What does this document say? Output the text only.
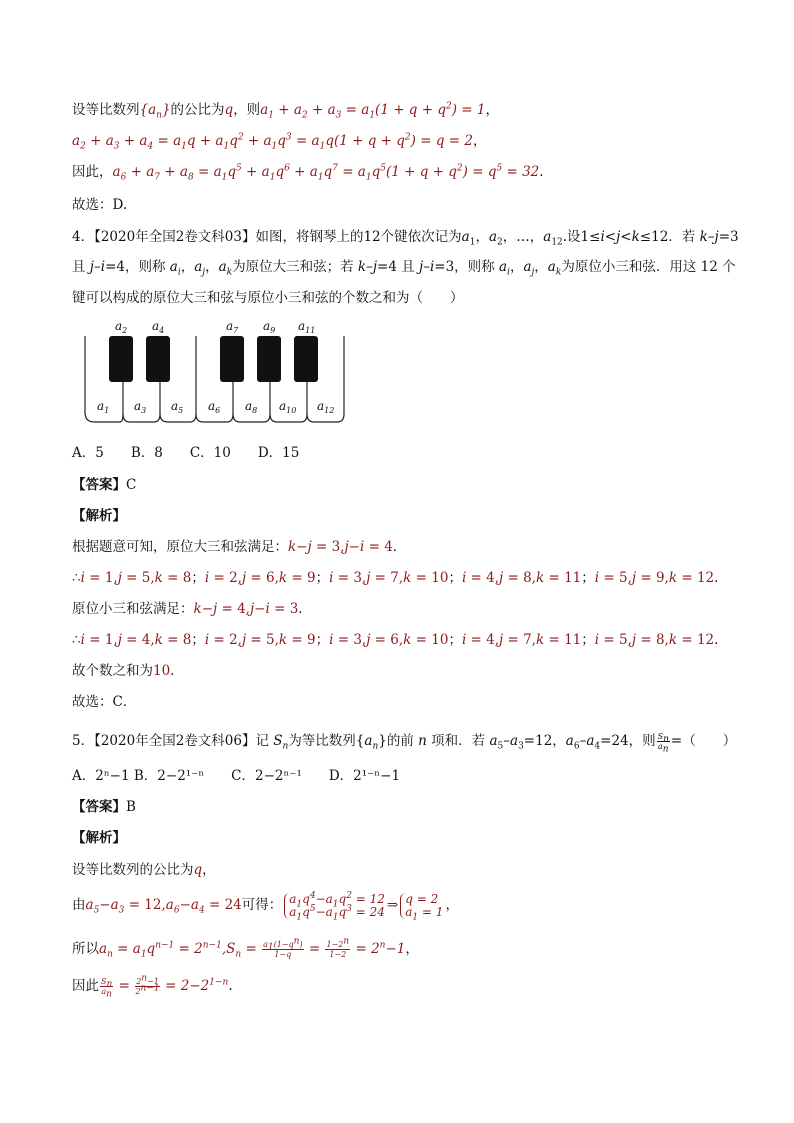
设等比数列$\{a_n\}$的公比为q，则$a_1 + a_2 + a_3 = a_1(1 + q + q^2) = 1$，
$a_2 + a_3 + a_4 = a_1q + a_1q^2 + a_1q^3 = a_1q(1 + q + q^2) = q = 2$，
因此，$a_6 + a_7 + a_8 = a_1q^5 + a_1q^6 + a_1q^7 = a_1q^5(1 + q + q^2) = q^5 = 32$.
故选：D.
4．【2020年全国2卷文科03】如图，将钢琴上的12个键依次记为$a_1$，$a_2$，…，$a_{12}$.设1≤i<j<k≤12．若 k–j=3
且 j–i=4，则称 $a_i$，$a_j$，$a_k$为原位大三和弦；若 k–j=4 且 j–i=3，则称 $a_i$，$a_j$，$a_k$为原位小三和弦．用这 12 个
键可以构成的原位大三和弦与原位小三和弦的个数之和为（　　）
$a_2$ $a_4$	$a_7$ $a_9$ $a_{11}$
$a_1$ $a_3$ $a_5$ $a_6$ $a_8$ $a_{10}$ $a_{12}$
A．5　　B．8　　C．10　　D．15
【答案】C
【解析】
根据题意可知，原位大三和弦满足：k−j = 3,j−i = 4．
∴i = 1,j = 5,k = 8；i = 2,j = 6,k = 9；i = 3,j = 7,k = 10；i = 4,j = 8,k = 11；i = 5,j = 9,k = 12．
原位小三和弦满足：k−j = 4,j−i = 3．
∴i = 1,j = 4,k = 8；i = 2,j = 5,k = 9；i = 3,j = 6,k = 10；i = 4,j = 7,k = 11；i = 5,j = 8,k = 12．
故个数之和为10．
故选：C．
5．【2020年全国2卷文科06】记 $S_n$为等比数列$\{a_n\}$的前 n 项和．若 $a_5-a_3=12$，$a_6-a_4=24$，则 $\frac{S_n}{a_n}$ =（　　）
A．2ⁿ−1 B．2−2¹⁻ⁿ　　C．2−2ⁿ⁻¹　　D．2¹⁻ⁿ−1
【答案】B
【解析】
设等比数列的公比为q，
由$a_5-a_3 = 12,a_6-a_4 = 24$可得： $a_1q^4-a_1q^2 = 12$
$a_1q^5-a_1q^3 = 24$ ⇒ q = 2
$a_1 = 1$ ，
所以$a_n = a_1q^{n-1} = 2^{n-1},S_n = \frac{a_1(1-q^n)}{1-q} = \frac{1-2^n}{1-2} = 2^n-1$，
因此 $\frac{S_n}{a_n} = \frac{2^n-1}{2^{n-1}} = 2-2^{1-n}$.
